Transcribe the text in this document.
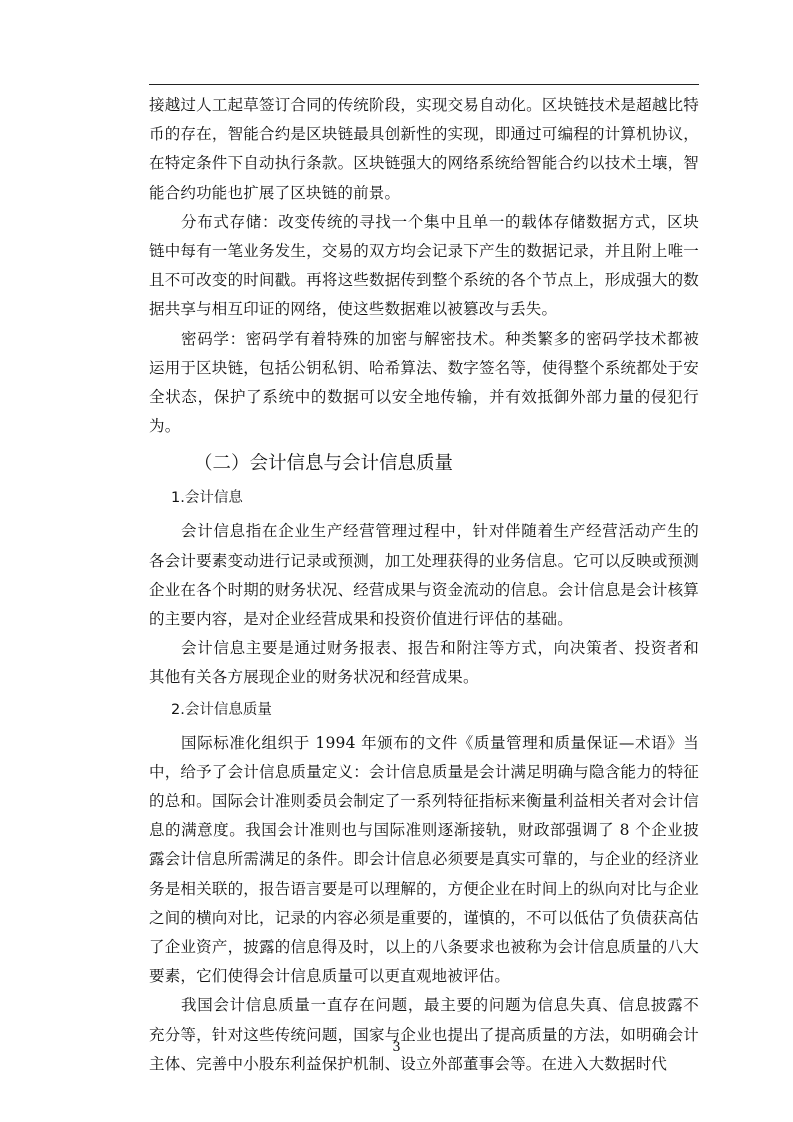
接越过人工起草签订合同的传统阶段，实现交易自动化。区块链技术是超越比特币的存在，智能合约是区块链最具创新性的实现，即通过可编程的计算机协议，在特定条件下自动执行条款。区块链强大的网络系统给智能合约以技术土壤，智能合约功能也扩展了区块链的前景。

分布式存储：改变传统的寻找一个集中且单一的载体存储数据方式，区块链中每有一笔业务发生，交易的双方均会记录下产生的数据记录，并且附上唯一且不可改变的时间戳。再将这些数据传到整个系统的各个节点上，形成强大的数据共享与相互印证的网络，使这些数据难以被篡改与丢失。

密码学：密码学有着特殊的加密与解密技术。种类繁多的密码学技术都被运用于区块链，包括公钥私钥、哈希算法、数字签名等，使得整个系统都处于安全状态，保护了系统中的数据可以安全地传输，并有效抵御外部力量的侵犯行为。

（二）会计信息与会计信息质量
1.会计信息

会计信息指在企业生产经营管理过程中，针对伴随着生产经营活动产生的各会计要素变动进行记录或预测，加工处理获得的业务信息。它可以反映或预测企业在各个时期的财务状况、经营成果与资金流动的信息。会计信息是会计核算的主要内容，是对企业经营成果和投资价值进行评估的基础。

会计信息主要是通过财务报表、报告和附注等方式，向决策者、投资者和其他有关各方展现企业的财务状况和经营成果。

2.会计信息质量

国际标准化组织于 1994 年颁布的文件《质量管理和质量保证—术语》当中，给予了会计信息质量定义：会计信息质量是会计满足明确与隐含能力的特征的总和。国际会计准则委员会制定了一系列特征指标来衡量利益相关者对会计信息的满意度。我国会计准则也与国际准则逐渐接轨，财政部强调了 8 个企业披露会计信息所需满足的条件。即会计信息必须要是真实可靠的，与企业的经济业务是相关联的，报告语言要是可以理解的，方便企业在时间上的纵向对比与企业之间的横向对比，记录的内容必须是重要的，谨慎的，不可以低估了负债获高估了企业资产，披露的信息得及时，以上的八条要求也被称为会计信息质量的八大要素，它们使得会计信息质量可以更直观地被评估。

我国会计信息质量一直存在问题，最主要的问题为信息失真、信息披露不充分等，针对这些传统问题，国家与企业也提出了提高质量的方法，如明确会计主体、完善中小股东利益保护机制、设立外部董事会等。在进入大数据时代

3
